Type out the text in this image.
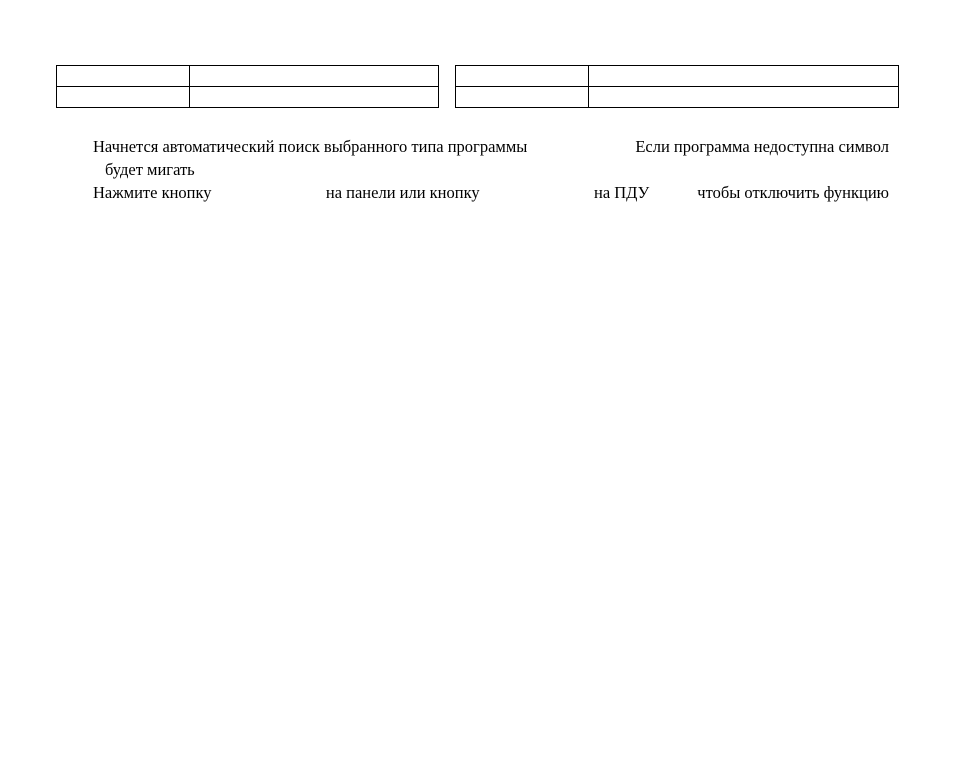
Начнется автоматический поиск выбранного типа программы	Если программа недоступна символ
будет мигать
Нажмите кнопку	на панели или кнопку	на ПДУ	чтобы отключить функцию
